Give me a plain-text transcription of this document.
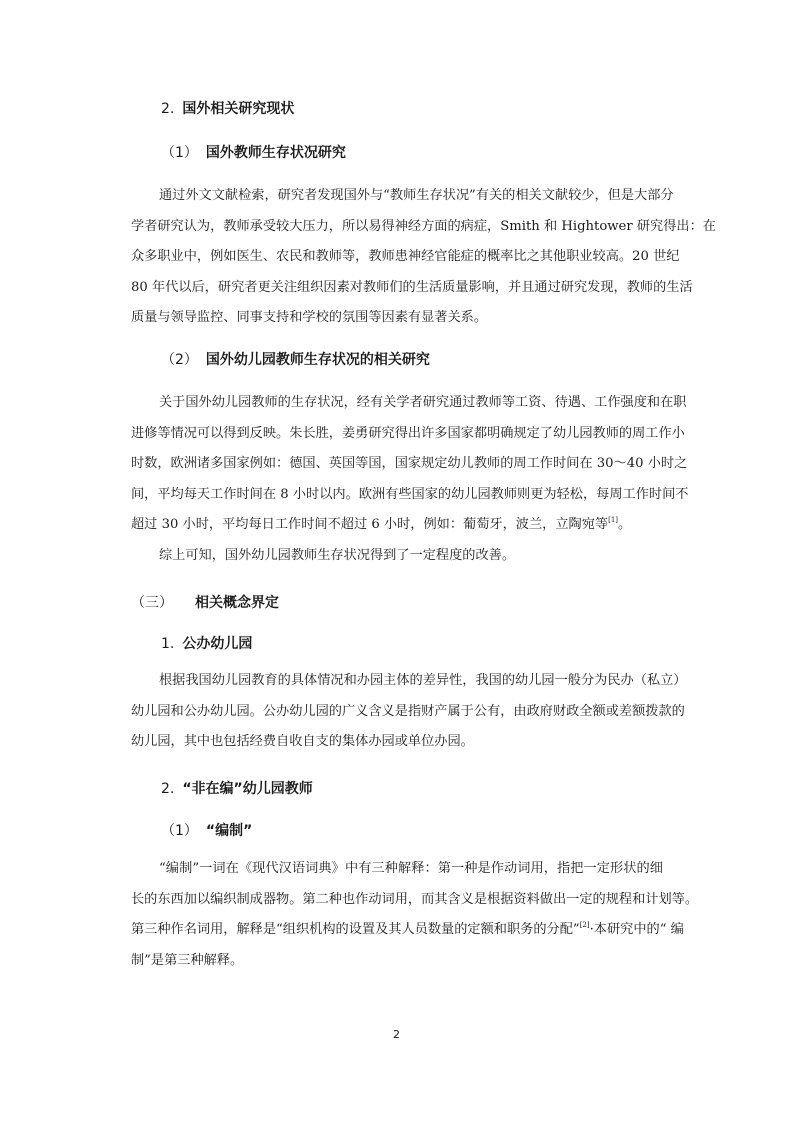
2. 国外相关研究现状
（1） 国外教师生存状况研究
通过外文文献检索，研究者发现国外与“教师生存状况”有关的相关文献较少，但是大部分
学者研究认为，教师承受较大压力，所以易得神经方面的病症，Smith 和 Hightower 研究得出：在
众多职业中，例如医生、农民和教师等，教师患神经官能症的概率比之其他职业较高。20 世纪
80 年代以后，研究者更关注组织因素对教师们的生活质量影响，并且通过研究发现，教师的生活
质量与领导监控、同事支持和学校的氛围等因素有显著关系。
（2） 国外幼儿园教师生存状况的相关研究
关于国外幼儿园教师的生存状况，经有关学者研究通过教师等工资、待遇、工作强度和在职
进修等情况可以得到反映。朱长胜，姜勇研究得出许多国家都明确规定了幼儿园教师的周工作小
时数，欧洲诸多国家例如：德国、英国等国，国家规定幼儿教师的周工作时间在 30～40 小时之
间，平均每天工作时间在 8 小时以内。欧洲有些国家的幼儿园教师则更为轻松，每周工作时间不
超过 30 小时，平均每日工作时间不超过 6 小时，例如：葡萄牙，波兰，立陶宛等[1]。
综上可知，国外幼儿园教师生存状况得到了一定程度的改善。
（三） 相关概念界定
1. 公办幼儿园
根据我国幼儿园教育的具体情况和办园主体的差异性，我国的幼儿园一般分为民办（私立）
幼儿园和公办幼儿园。公办幼儿园的广义含义是指财产属于公有，由政府财政全额或差额拨款的
幼儿园，其中也包括经费自收自支的集体办园或单位办园。
2. “非在编”幼儿园教师
（1） “编制”
“编制”一词在《现代汉语词典》中有三种解释：第一种是作动词用，指把一定形状的细
长的东西加以编织制成器物。第二种也作动词用，而其含义是根据资料做出一定的规程和计划等。
第三种作名词用，解释是“组织机构的设置及其人员数量的定额和职务的分配”[2]·本研究中的“ 编
制”是第三种解释。
2
